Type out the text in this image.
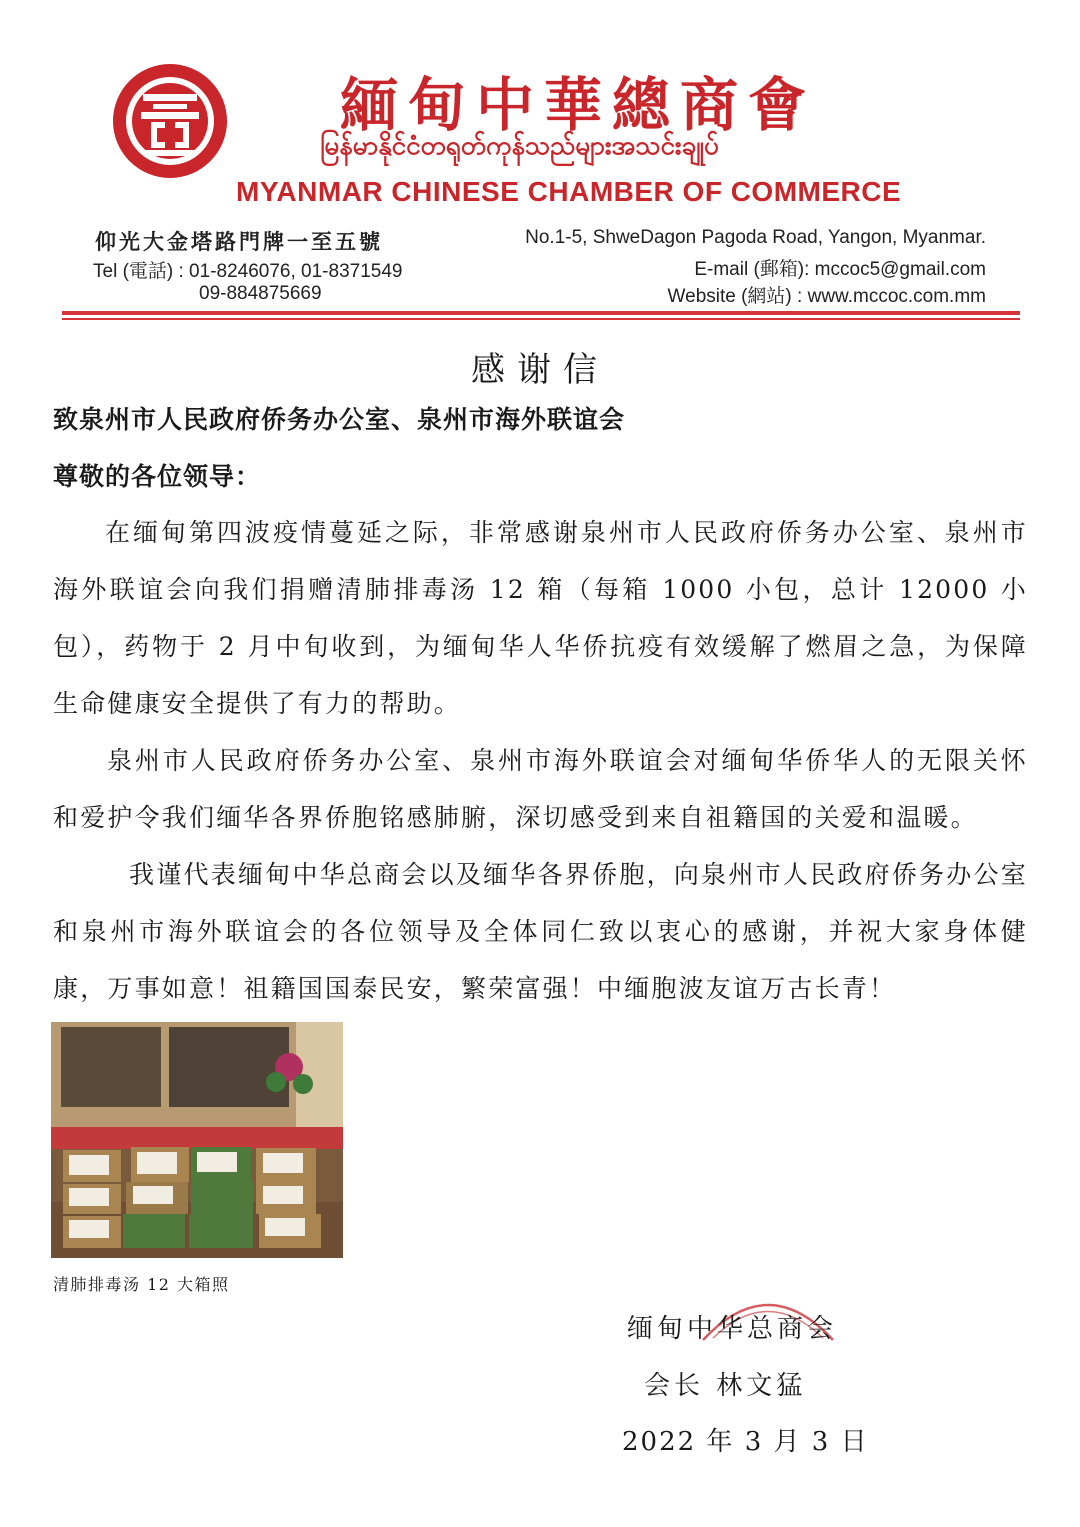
緬甸中華總商會
မြန်မာနိုင်ငံတရုတ်ကုန်သည်များအသင်းချုပ်
MYANMAR CHINESE CHAMBER OF COMMERCE
仰光大金塔路門牌一至五號
Tel (電話) : 01-8246076, 01-8371549
09-884875669
No.1-5, ShweDagon Pagoda Road, Yangon, Myanmar.
E-mail (郵箱): mccoc5@gmail.com
Website (網站) : www.mccoc.com.mm
感谢信
致泉州市人民政府侨务办公室、泉州市海外联谊会
尊敬的各位领导：
在缅甸第四波疫情蔓延之际，非常感谢泉州市人民政府侨务办公室、泉州市海外联谊会向我们捐赠清肺排毒汤 12 箱（每箱 1000 小包，总计 12000 小包），药物于 2 月中旬收到，为缅甸华人华侨抗疫有效缓解了燃眉之急，为保障生命健康安全提供了有力的帮助。
泉州市人民政府侨务办公室、泉州市海外联谊会对缅甸华侨华人的无限关怀和爱护令我们缅华各界侨胞铭感肺腑，深切感受到来自祖籍国的关爱和温暖。
我谨代表缅甸中华总商会以及缅华各界侨胞，向泉州市人民政府侨务办公室和泉州市海外联谊会的各位领导及全体同仁致以衷心的感谢，并祝大家身体健康，万事如意！祖籍国国泰民安，繁荣富强！中缅胞波友谊万古长青！
清肺排毒汤 12 大箱照
缅甸中华总商会
会长 林文猛
2022 年 3 月 3 日
